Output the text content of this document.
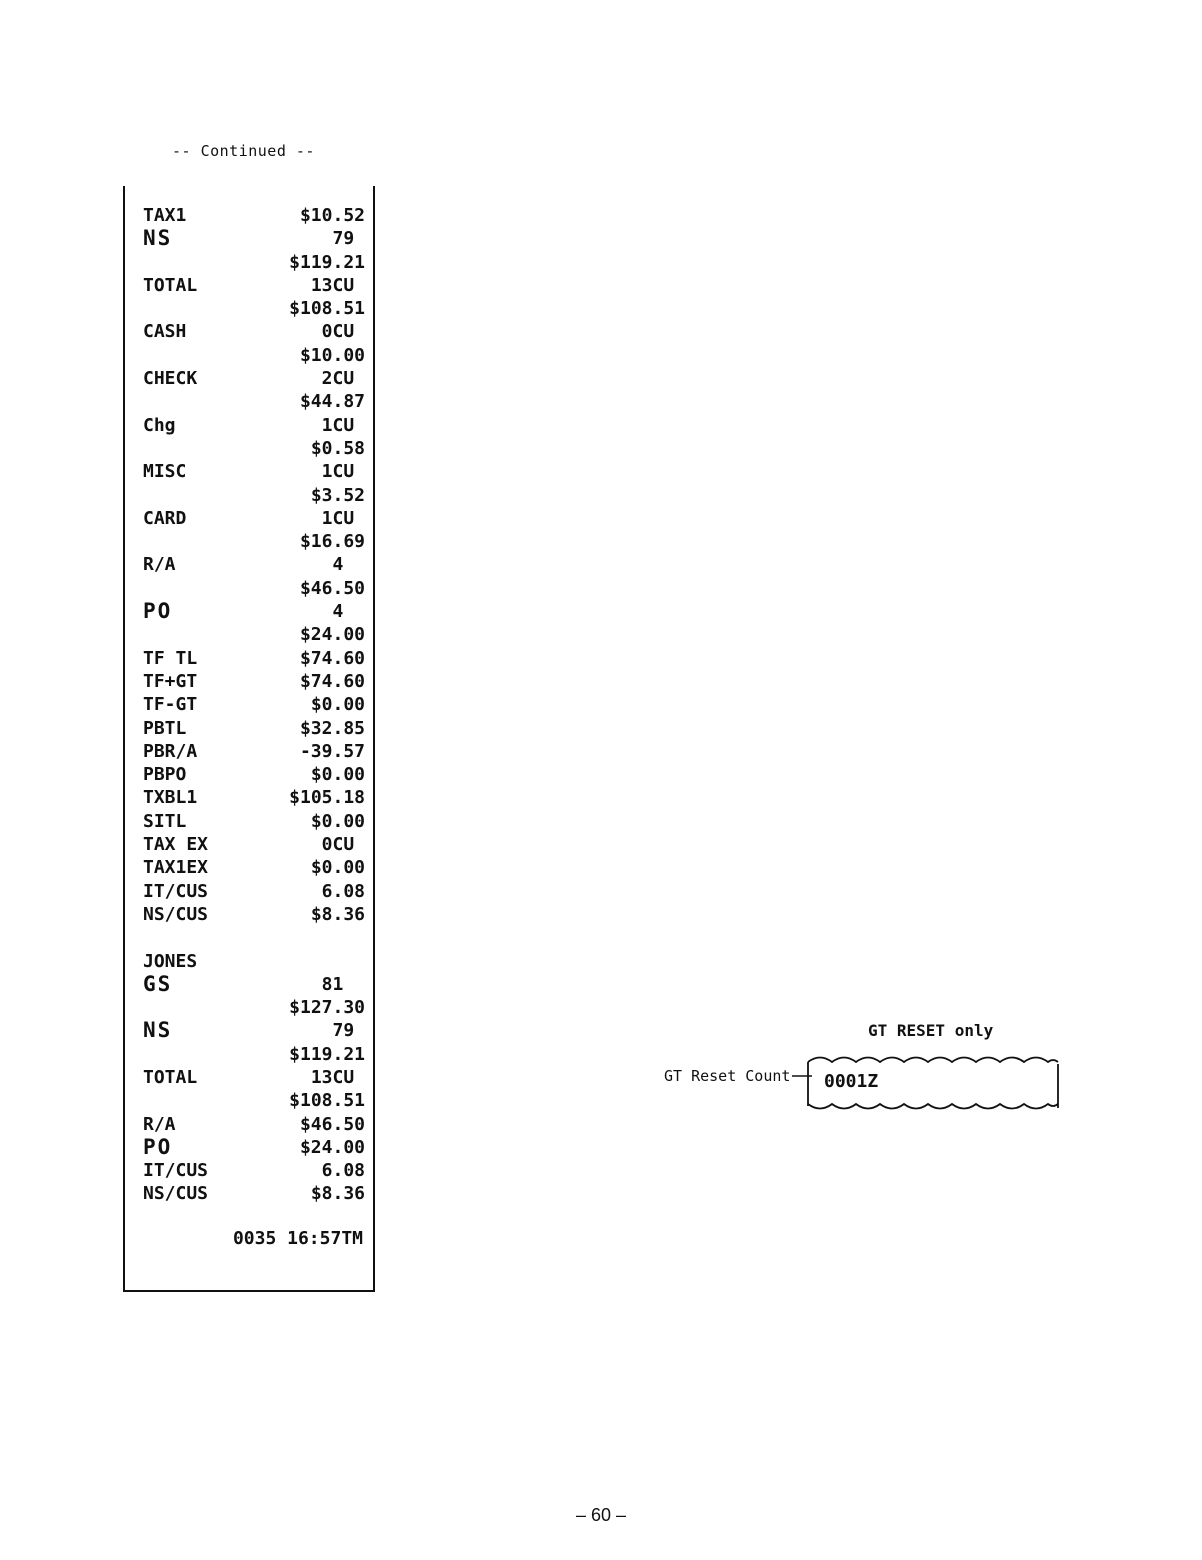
-- Continued --
TAX1	$10.52
NS	79
$119.21
TOTAL	13CU
$108.51
CASH	0CU
$10.00
CHECK	2CU
$44.87
Chg	1CU
$0.58
MISC	1CU
$3.52
CARD	1CU
$16.69
R/A	4
$46.50
PO	4
$24.00
TF TL	$74.60
TF+GT	$74.60
TF-GT	$0.00
PBTL	$32.85
PBR/A	-39.57
PBPO	$0.00
TXBL1	$105.18
SITL	$0.00
TAX EX	0CU
TAX1EX	$0.00
IT/CUS	6.08
NS/CUS	$8.36
JONES
GS	81
$127.30
NS	79
$119.21
TOTAL	13CU
$108.51
R/A	$46.50
PO	$24.00
IT/CUS	6.08
NS/CUS	$8.36
0035 16:57TM
GT RESET only
GT Reset Count 0001Z
– 60 –
